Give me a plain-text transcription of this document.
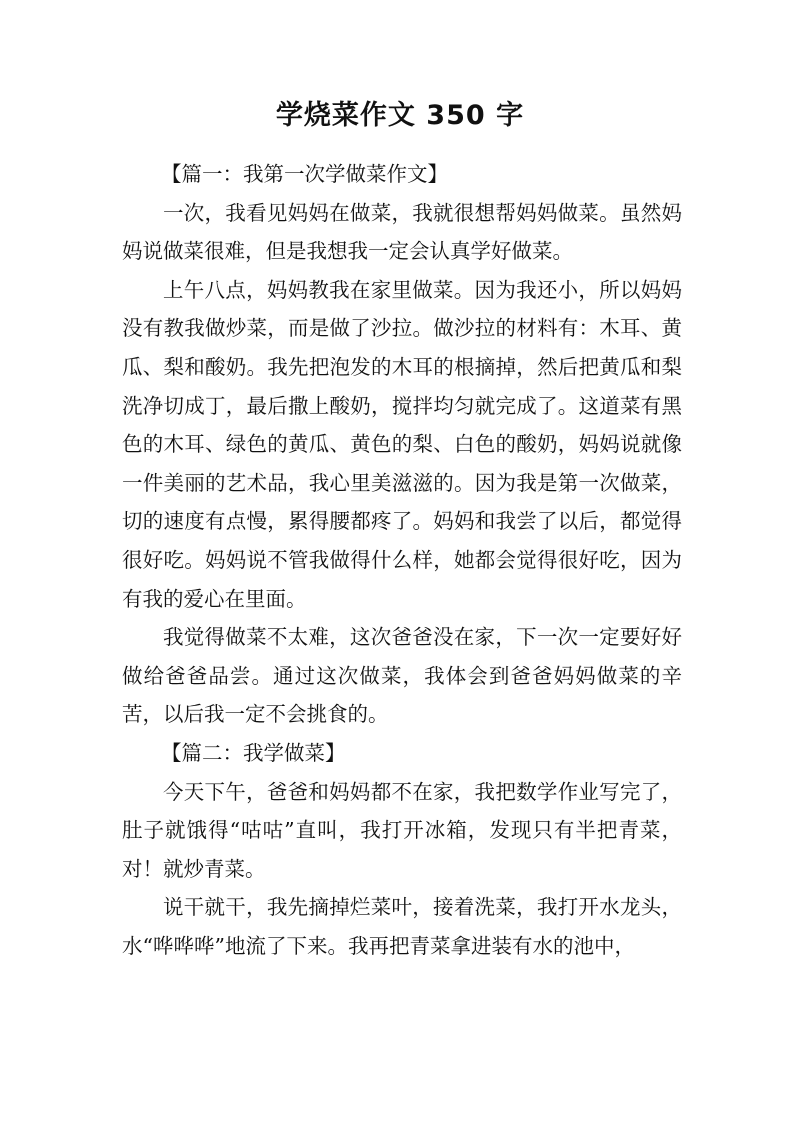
学烧菜作文 350 字

【篇一：我第一次学做菜作文】

一次，我看见妈妈在做菜，我就很想帮妈妈做菜。虽然妈妈说做菜很难，但是我想我一定会认真学好做菜。

上午八点，妈妈教我在家里做菜。因为我还小，所以妈妈没有教我做炒菜，而是做了沙拉。做沙拉的材料有：木耳、黄瓜、梨和酸奶。我先把泡发的木耳的根摘掉，然后把黄瓜和梨洗净切成丁，最后撒上酸奶，搅拌均匀就完成了。这道菜有黑色的木耳、绿色的黄瓜、黄色的梨、白色的酸奶，妈妈说就像一件美丽的艺术品，我心里美滋滋的。因为我是第一次做菜，切的速度有点慢，累得腰都疼了。妈妈和我尝了以后，都觉得很好吃。妈妈说不管我做得什么样，她都会觉得很好吃，因为有我的爱心在里面。

我觉得做菜不太难，这次爸爸没在家，下一次一定要好好做给爸爸品尝。通过这次做菜，我体会到爸爸妈妈做菜的辛苦，以后我一定不会挑食的。

【篇二：我学做菜】

今天下午，爸爸和妈妈都不在家，我把数学作业写完了，肚子就饿得“咕咕”直叫，我打开冰箱，发现只有半把青菜，对！就炒青菜。

说干就干，我先摘掉烂菜叶，接着洗菜，我打开水龙头，水“哗哗哗”地流了下来。我再把青菜拿进装有水的池中，
